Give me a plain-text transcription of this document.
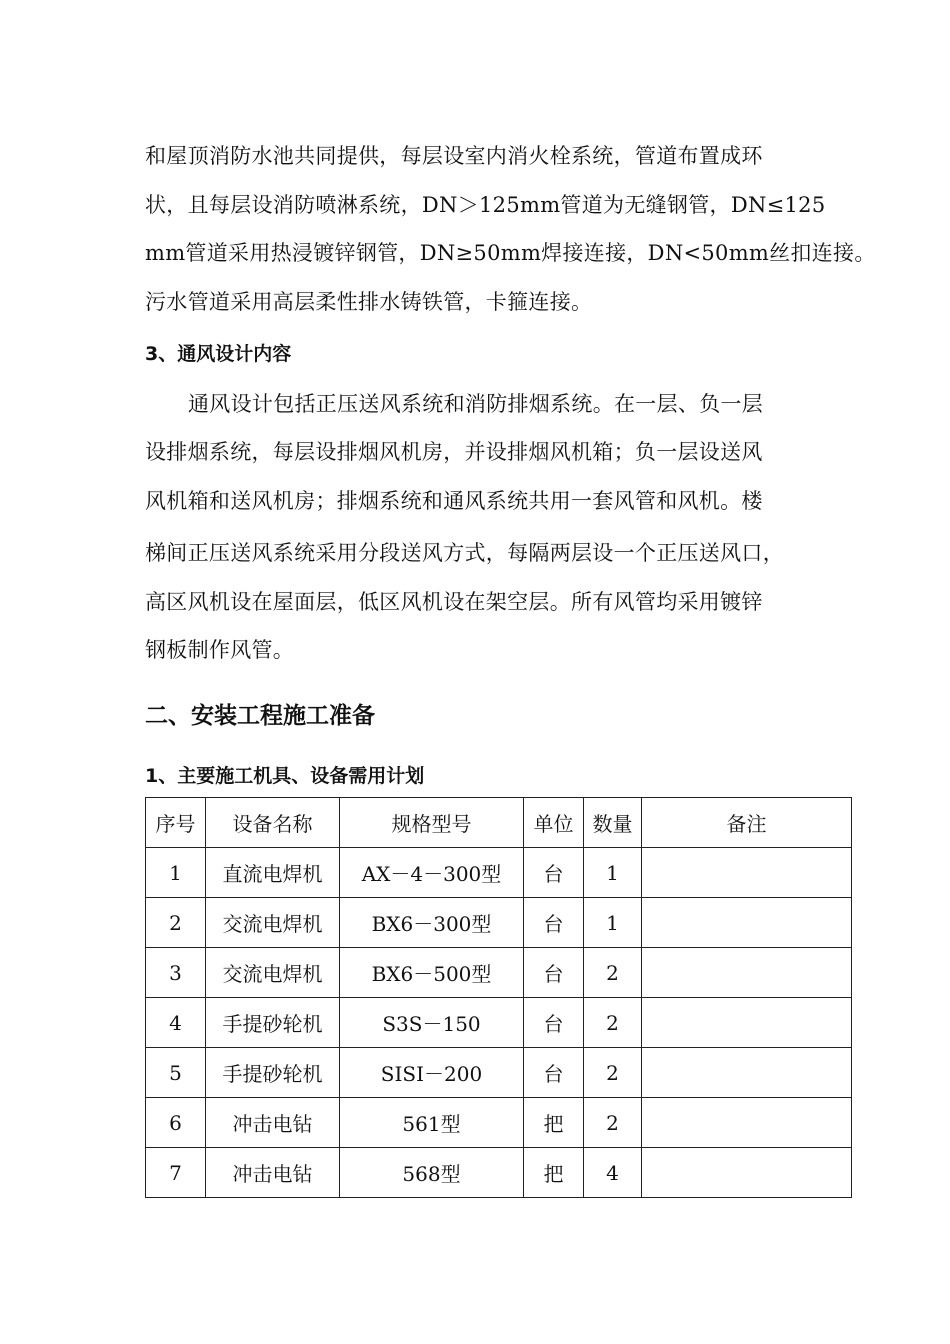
和屋顶消防水池共同提供，每层设室内消火栓系统，管道布置成环
状，且每层设消防喷淋系统，DN＞125mm管道为无缝钢管，DN≤125
mm管道采用热浸镀锌钢管，DN≥50mm焊接连接，DN<50mm丝扣连接。
污水管道采用高层柔性排水铸铁管，卡箍连接。
3、通风设计内容
通风设计包括正压送风系统和消防排烟系统。在一层、负一层
设排烟系统，每层设排烟风机房，并设排烟风机箱；负一层设送风
风机箱和送风机房；排烟系统和通风系统共用一套风管和风机。楼
梯间正压送风系统采用分段送风方式，每隔两层设一个正压送风口，
高区风机设在屋面层，低区风机设在架空层。所有风管均采用镀锌
钢板制作风管。
二、安装工程施工准备
1、主要施工机具、设备需用计划
序号	设备名称	规格型号	单位	数量	备注
1	直流电焊机	AX－4－300型	台	1	
2	交流电焊机	BX6－300型	台	1	
3	交流电焊机	BX6－500型	台	2	
4	手提砂轮机	S3S－150	台	2	
5	手提砂轮机	SISI－200	台	2	
6	冲击电钻	561型	把	2	
7	冲击电钻	568型	把	4	
